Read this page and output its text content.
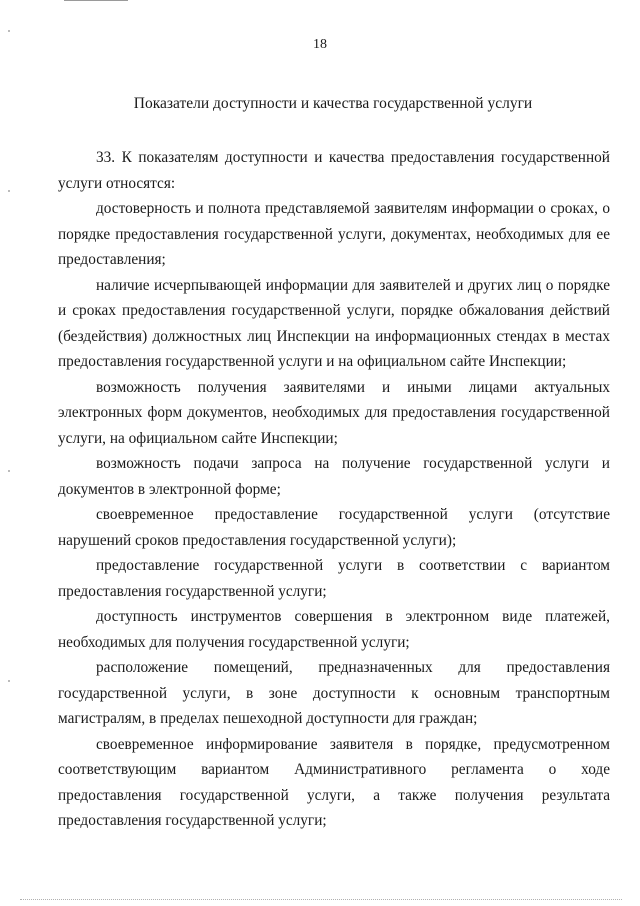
18
Показатели доступности и качества государственной услуги

33. К показателям доступности и качества предоставления государственной услуги относятся:

достоверность и полнота представляемой заявителям информации о сроках, о порядке предоставления государственной услуги, документах, необходимых для ее предоставления;

наличие исчерпывающей информации для заявителей и других лиц о порядке и сроках предоставления государственной услуги, порядке обжалования действий (бездействия) должностных лиц Инспекции на информационных стендах в местах предоставления государственной услуги и на официальном сайте Инспекции;

возможность получения заявителями и иными лицами актуальных электронных форм документов, необходимых для предоставления государственной услуги, на официальном сайте Инспекции;

возможность подачи запроса на получение государственной услуги и документов в электронной форме;

своевременное предоставление государственной услуги (отсутствие нарушений сроков предоставления государственной услуги);

предоставление государственной услуги в соответствии с вариантом предоставления государственной услуги;

доступность инструментов совершения в электронном виде платежей, необходимых для получения государственной услуги;

расположение помещений, предназначенных для предоставления государственной услуги, в зоне доступности к основным транспортным магистралям, в пределах пешеходной доступности для граждан;

своевременное информирование заявителя в порядке, предусмотренном соответствующим вариантом Административного регламента о ходе предоставления государственной услуги, а также получения результата предоставления государственной услуги;
